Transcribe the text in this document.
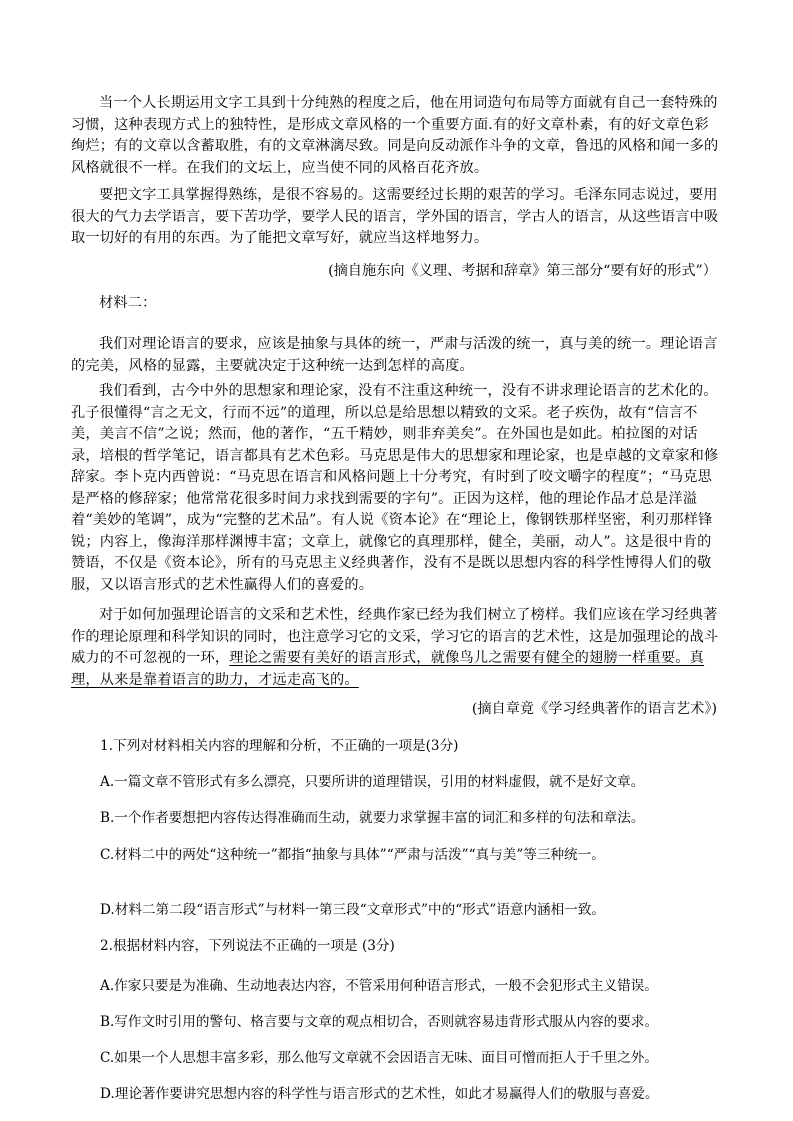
当一个人长期运用文字工具到十分纯熟的程度之后，他在用词造句布局等方面就有自己一套特殊的习惯，这种表现方式上的独特性，是形成文章风格的一个重要方面.有的好文章朴素，有的好文章色彩绚烂；有的文章以含蓄取胜，有的文章淋漓尽致。同是向反动派作斗争的文章，鲁迅的风格和闻一多的风格就很不一样。在我们的文坛上，应当使不同的风格百花齐放。
要把文字工具掌握得熟练，是很不容易的。这需要经过长期的艰苦的学习。毛泽东同志说过，要用很大的气力去学语言，要下苦功学，要学人民的语言，学外国的语言，学古人的语言，从这些语言中吸取一切好的有用的东西。为了能把文章写好，就应当这样地努力。
(摘自施东向《义理、考据和辞章》第三部分“要有好的形式”）
材料二：
我们对理论语言的要求，应该是抽象与具体的统一，严肃与活泼的统一，真与美的统一。理论语言的完美，风格的显露，主要就决定于这种统一达到怎样的高度。
我们看到，古今中外的思想家和理论家，没有不注重这种统一，没有不讲求理论语言的艺术化的。孔子很懂得“言之无文，行而不远”的道理，所以总是给思想以精致的文采。老子疾伪，故有“信言不美，美言不信”之说；然而，他的著作，“五千精妙，则非弃美矣”。在外国也是如此。柏拉图的对话录，培根的哲学笔记，语言都具有艺术色彩。马克思是伟大的思想家和理论家，也是卓越的文章家和修辞家。李卜克内西曾说：“马克思在语言和风格问题上十分考究，有时到了咬文嚼字的程度”；“马克思是严格的修辞家；他常常花很多时间力求找到需要的字句”。正因为这样，他的理论作品才总是洋溢着“美妙的笔调”，成为“完整的艺术品”。有人说《资本论》在“理论上，像钢铁那样坚密，利刃那样锋锐；内容上，像海洋那样渊博丰富；文章上，就像它的真理那样，健全，美丽，动人”。这是很中肯的赞语，不仅是《资本论》，所有的马克思主义经典著作，没有不是既以思想内容的科学性博得人们的敬服，又以语言形式的艺术性赢得人们的喜爱的。
对于如何加强理论语言的文采和艺术性，经典作家已经为我们树立了榜样。我们应该在学习经典著作的理论原理和科学知识的同时，也注意学习它的文采，学习它的语言的艺术性，这是加强理论的战斗威力的不可忽视的一环，理论之需要有美好的语言形式，就像鸟儿之需要有健全的翅膀一样重要。真理，从来是靠着语言的助力，才远走高飞的。
(摘自章竟《学习经典著作的语言艺术》)
1.下列对材料相关内容的理解和分析，不正确的一项是(3分)
A.一篇文章不管形式有多么漂亮，只要所讲的道理错误，引用的材料虚假，就不是好文章。
B.一个作者要想把内容传达得准确而生动，就要力求掌握丰富的词汇和多样的句法和章法。
C.材料二中的两处“这种统一”都指“抽象与具体”“严肃与活泼”“真与美”等三种统一。
D.材料二第二段“语言形式”与材料一第三段“文章形式”中的“形式”语意内涵相一致。
2.根据材料内容，下列说法不正确的一项是 (3分)
A.作家只要是为准确、生动地表达内容，不管采用何种语言形式，一般不会犯形式主义错误。
B.写作文时引用的警句、格言要与文章的观点相切合，否则就容易违背形式服从内容的要求。
C.如果一个人思想丰富多彩，那么他写文章就不会因语言无味、面目可憎而拒人于千里之外。
D.理论著作要讲究思想内容的科学性与语言形式的艺术性，如此才易赢得人们的敬服与喜爱。
